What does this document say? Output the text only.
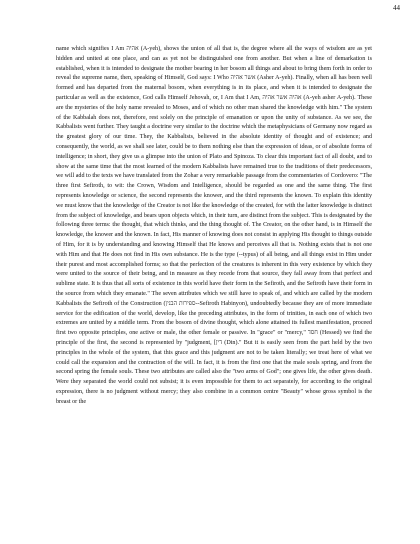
44
name which signifies I Am אהיה (A-yeh), shows the union of all that is, the degree where all the ways of wisdom are as yet hidden and united at one place, and can as yet not be distinguished one from another. But when a line of demarkation is established, when it is intended to designate the mother bearing in her bosom all things and about to bring them forth in order to reveal the supreme name, then, speaking of Himself, God says: I Who אשר אהיה (Asher A-yeh). Finally, when all has been well formed and has departed from the maternal bosom, when everything is in its place, and when it is intended to designate the particular as well as the existence, God calls Himself Jehovah, or, I Am that I Am, אהיה אשר אהיה (A-yeh asher A-yeh). These are the mysteries of the holy name revealed to Moses, and of which no other man shared the knowledge with him." The system of the Kabbalah does not, therefore, rest solely on the principle of emanation or upon the unity of substance. As we see, the Kabbalists went further. They taught a doctrine very similar to the doctrine which the metaphysicians of Germany now regard as the greatest glory of our time. They, the Kabbalists, believed in the absolute identity of thought and of existence; and consequently, the world, as we shall see later, could be to them nothing else than the expression of ideas, or of absolute forms of intelligence; in short, they give us a glimpse into the union of Plato and Spinoza. To clear this important fact of all doubt, and to show at the same time that the most learned of the modern Kabbalists have remained true to the traditions of their predecessors, we will add to the texts we have translated from the Zohar a very remarkable passage from the commentaries of Cordovero: "The three first Sefiroth, to wit: the Crown, Wisdom and Intelligence, should be regarded as one and the same thing. The first represents knowledge or science, the second represents the knower, and the third represents the known. To explain this identity we must know that the knowledge of the Creator is not like the knowledge of the created, for with the latter knowledge is distinct from the subject of knowledge, and bears upon objects which, in their turn, are distinct from the subject. This is designated by the following three terms: the thought, that which thinks, and the thing thought of. The Creator, on the other hand, is in Himself the knowledge, the knower and the known. In fact, His manner of knowing does not consist in applying His thought to things outside of Him, for it is by understanding and knowing Himself that He knows and perceives all that is. Nothing exists that is not one with Him and that He does not find in His own substance. He is the type (--typus) of all being, and all things exist in Him under their purest and most accomplished forms; so that the perfection of the creatures is inherent in this very existence by which they were united to the source of their being, and in measure as they recede from that source, they fall away from that perfect and sublime state. It is thus that all sorts of existence in this world have their form in the Sefiroth, and the Sefiroth have their form in the source from which they emanate." The seven attributes which we still have to speak of, and which are called by the modern Kabbalists the Sefiroth of the Construction (ספירות הבנין--Sefiroth Habinyon), undoubtedly because they are of more immediate service for the edification of the world, develop, like the preceding attributes, in the form of trinities, in each one of which two extremes are united by a middle term. From the bosom of divine thought, which alone attained its fullest manifestation, proceed first two opposite principles, one active or male, the other female or passive. In "grace" or "mercy," חסד (Hessed) we find the principle of the first, the second is represented by "judgment, [דין (Din)." But it is easily seen from the part held by the two principles in the whole of the system, that this grace and this judgment are not to be taken literally; we treat here of what we could call the expansion and the contraction of the will. In fact, it is from the first one that the male souls spring, and from the second spring the female souls. These two attributes are called also the "two arms of God"; one gives life, the other gives death. Were they separated the world could not subsist; it is even impossible for them to act separately, for according to the original expression, there is no judgment without mercy; they also combine in a common centre "Beauty" whose gross symbol is the breast or the
